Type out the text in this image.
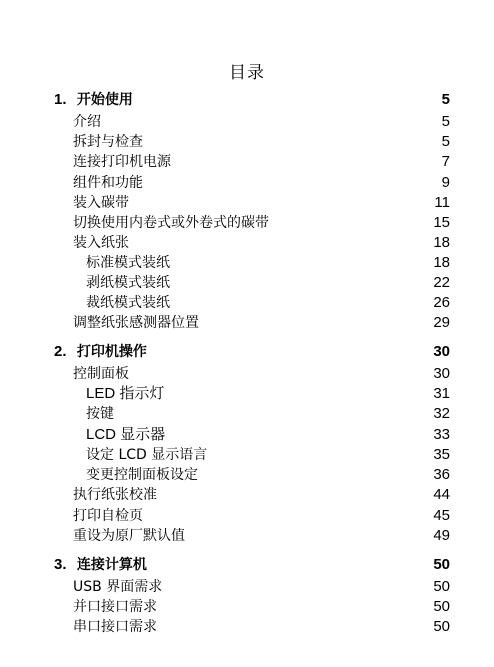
目录
1. 开始使用	5
介绍	5
拆封与检查	5
连接打印机电源	7
组件和功能	9
装入碳带	11
切换使用内卷式或外卷式的碳带	15
装入纸张	18
标准模式装纸	18
剥纸模式装纸	22
裁纸模式装纸	26
调整纸张感测器位置	29
2. 打印机操作	30
控制面板	30
LED 指示灯	31
按键	32
LCD 显示器	33
设定 LCD 显示语言	35
变更控制面板设定	36
执行纸张校准	44
打印自检页	45
重设为原厂默认值	49
3. 连接计算机	50
USB 界面需求	50
并口接口需求	50
串口接口需求	50
